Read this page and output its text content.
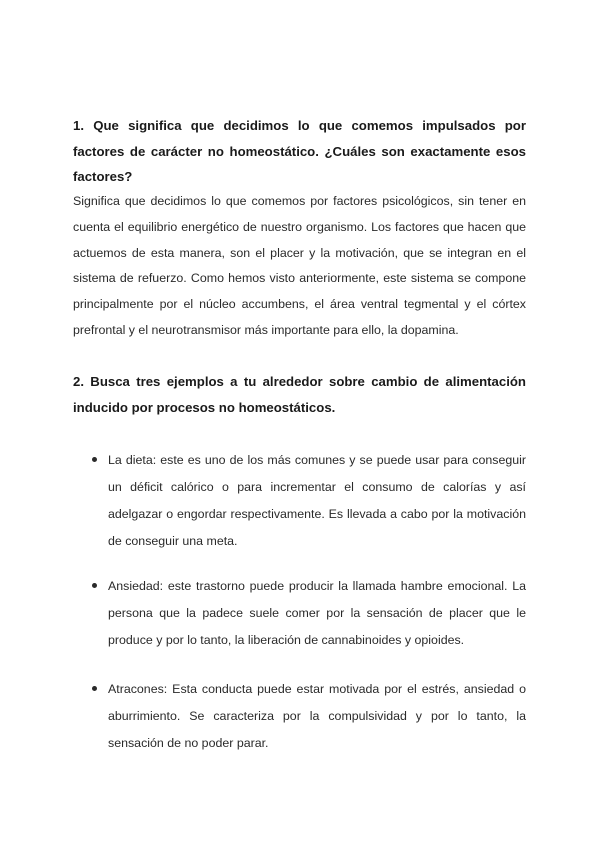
1. Que significa que decidimos lo que comemos impulsados por factores de carácter no homeostático. ¿Cuáles son exactamente esos factores?

Significa que decidimos lo que comemos por factores psicológicos, sin tener en cuenta el equilibrio energético de nuestro organismo. Los factores que hacen que actuemos de esta manera, son el placer y la motivación, que se integran en el sistema de refuerzo. Como hemos visto anteriormente, este sistema se compone principalmente por el núcleo accumbens, el área ventral tegmental y el córtex prefrontal y el neurotransmisor más importante para ello, la dopamina.

2. Busca tres ejemplos a tu alrededor sobre cambio de alimentación inducido por procesos no homeostáticos.

La dieta: este es uno de los más comunes y se puede usar para conseguir un déficit calórico o para incrementar el consumo de calorías y así adelgazar o engordar respectivamente. Es llevada a cabo por la motivación de conseguir una meta.

Ansiedad: este trastorno puede producir la llamada hambre emocional. La persona que la padece suele comer por la sensación de placer que le produce y por lo tanto, la liberación de cannabinoides y opioides.

Atracones: Esta conducta puede estar motivada por el estrés, ansiedad o aburrimiento. Se caracteriza por la compulsividad y por lo tanto, la sensación de no poder parar.
